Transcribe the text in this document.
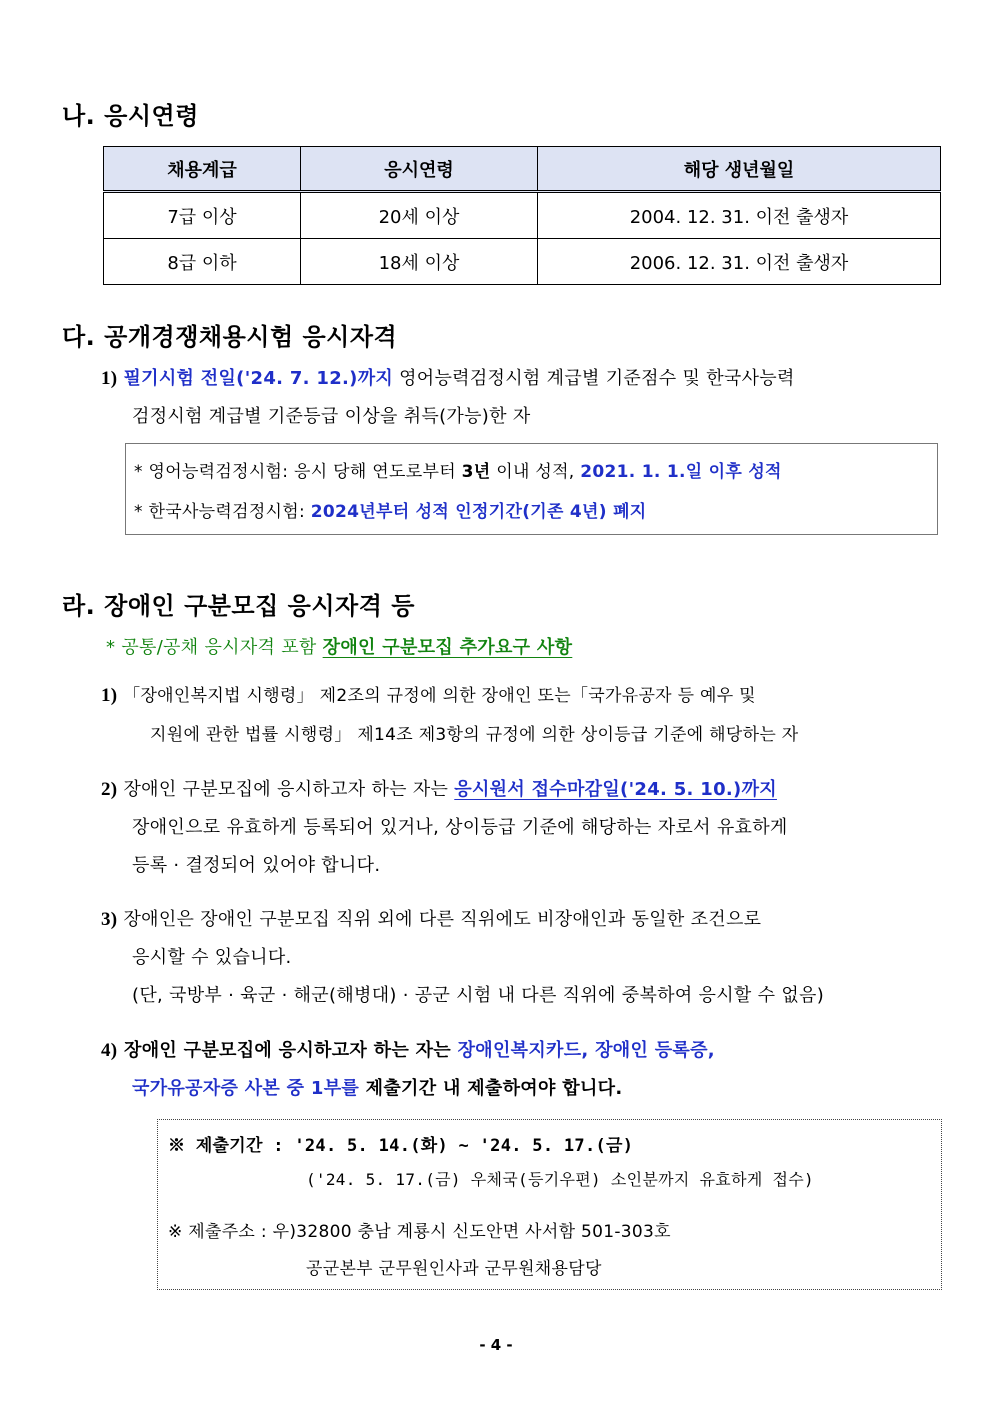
나. 응시연령
채용계급	응시연령	해당 생년월일
7급 이상	20세 이상	2004. 12. 31. 이전 출생자
8급 이하	18세 이상	2006. 12. 31. 이전 출생자
다. 공개경쟁채용시험 응시자격
1) 필기시험 전일('24. 7. 12.)까지 영어능력검정시험 계급별 기준점수 및 한국사능력
검정시험 계급별 기준등급 이상을 취득(가능)한 자
* 영어능력검정시험: 응시 당해 연도로부터 3년 이내 성적, 2021. 1. 1.일 이후 성적
* 한국사능력검정시험: 2024년부터 성적 인정기간(기존 4년) 폐지
라. 장애인 구분모집 응시자격 등
* 공통/공채 응시자격 포함 장애인 구분모집 추가요구 사항
1) 「장애인복지법 시행령」 제2조의 규정에 의한 장애인 또는「국가유공자 등 예우 및
지원에 관한 법률 시행령」 제14조 제3항의 규정에 의한 상이등급 기준에 해당하는 자
2) 장애인 구분모집에 응시하고자 하는 자는 응시원서 접수마감일('24. 5. 10.)까지
장애인으로 유효하게 등록되어 있거나, 상이등급 기준에 해당하는 자로서 유효하게
등록 · 결정되어 있어야 합니다.
3) 장애인은 장애인 구분모집 직위 외에 다른 직위에도 비장애인과 동일한 조건으로
응시할 수 있습니다.
(단, 국방부 · 육군 · 해군(해병대) · 공군 시험 내 다른 직위에 중복하여 응시할 수 없음)
4) 장애인 구분모집에 응시하고자 하는 자는 장애인복지카드, 장애인 등록증,
국가유공자증 사본 중 1부를 제출기간 내 제출하여야 합니다.
※ 제출기간 : '24. 5. 14.(화) ~ '24. 5. 17.(금)
('24. 5. 17.(금) 우체국(등기우편) 소인분까지 유효하게 접수)
※ 제출주소 : 우)32800 충남 계룡시 신도안면 사서함 501-303호
공군본부 군무원인사과 군무원채용담당
- 4 -
